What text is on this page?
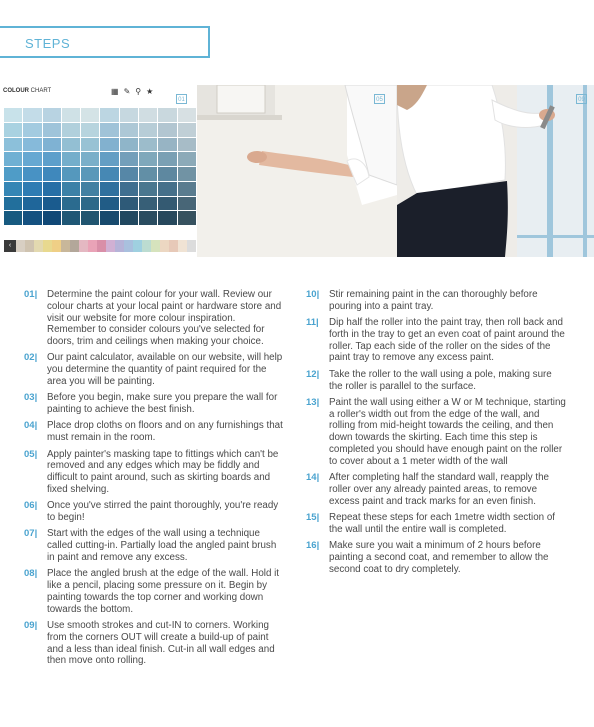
STEPS
COLOUR CHART	▦ ✎ ⚲ ★
01
‹
05	09
01| Determine the paint colour for your wall. Review our colour charts at your local paint or hardware store and visit our website for more colour inspiration. Remember to consider colours you've selected for doors, trim and ceilings when making your choice.
02| Our paint calculator, available on our website, will help you determine the quantity of paint required for the area you will be painting.
03| Before you begin, make sure you prepare the wall for painting to achieve the best finish.
04| Place drop cloths on floors and on any furnishings that must remain in the room.
05| Apply painter's masking tape to fittings which can't be removed and any edges which may be fiddly and difficult to paint around, such as skirting boards and fixed shelving.
06| Once you've stirred the paint thoroughly, you're ready to begin!
07| Start with the edges of the wall using a technique called cutting-in. Partially load the angled paint brush in paint and remove any excess.
08| Place the angled brush at the edge of the wall. Hold it like a pencil, placing some pressure on it. Begin by painting towards the top corner and working down towards the bottom.
09| Use smooth strokes and cut-IN to corners. Working from the corners OUT will create a build-up of paint and a less than ideal finish. Cut-in all wall edges and then move onto rolling.
10| Stir remaining paint in the can thoroughly before pouring into a paint tray.
11|	Dip half the roller into the paint tray, then roll back and forth in the tray to get an even coat of paint around the roller. Tap each side of the roller on the sides of the paint tray to remove any excess paint.
12| Take the roller to the wall using a pole, making sure the roller is parallel to the surface.
13| Paint the wall using either a W or M technique, starting a roller's width out from the edge of the wall, and rolling from mid-height towards the ceiling, and then down towards the skirting. Each time this step is completed you should have enough paint on the roller to cover about a 1 meter width of the wall
14| After completing half the standard wall, reapply the roller over any already painted areas, to remove excess paint and track marks for an even finish.
15| Repeat these steps for each 1metre width section of the wall until the entire wall is completed.
16| Make sure you wait a minimum of 2 hours before painting a second coat, and remember to allow the second coat to dry completely.
